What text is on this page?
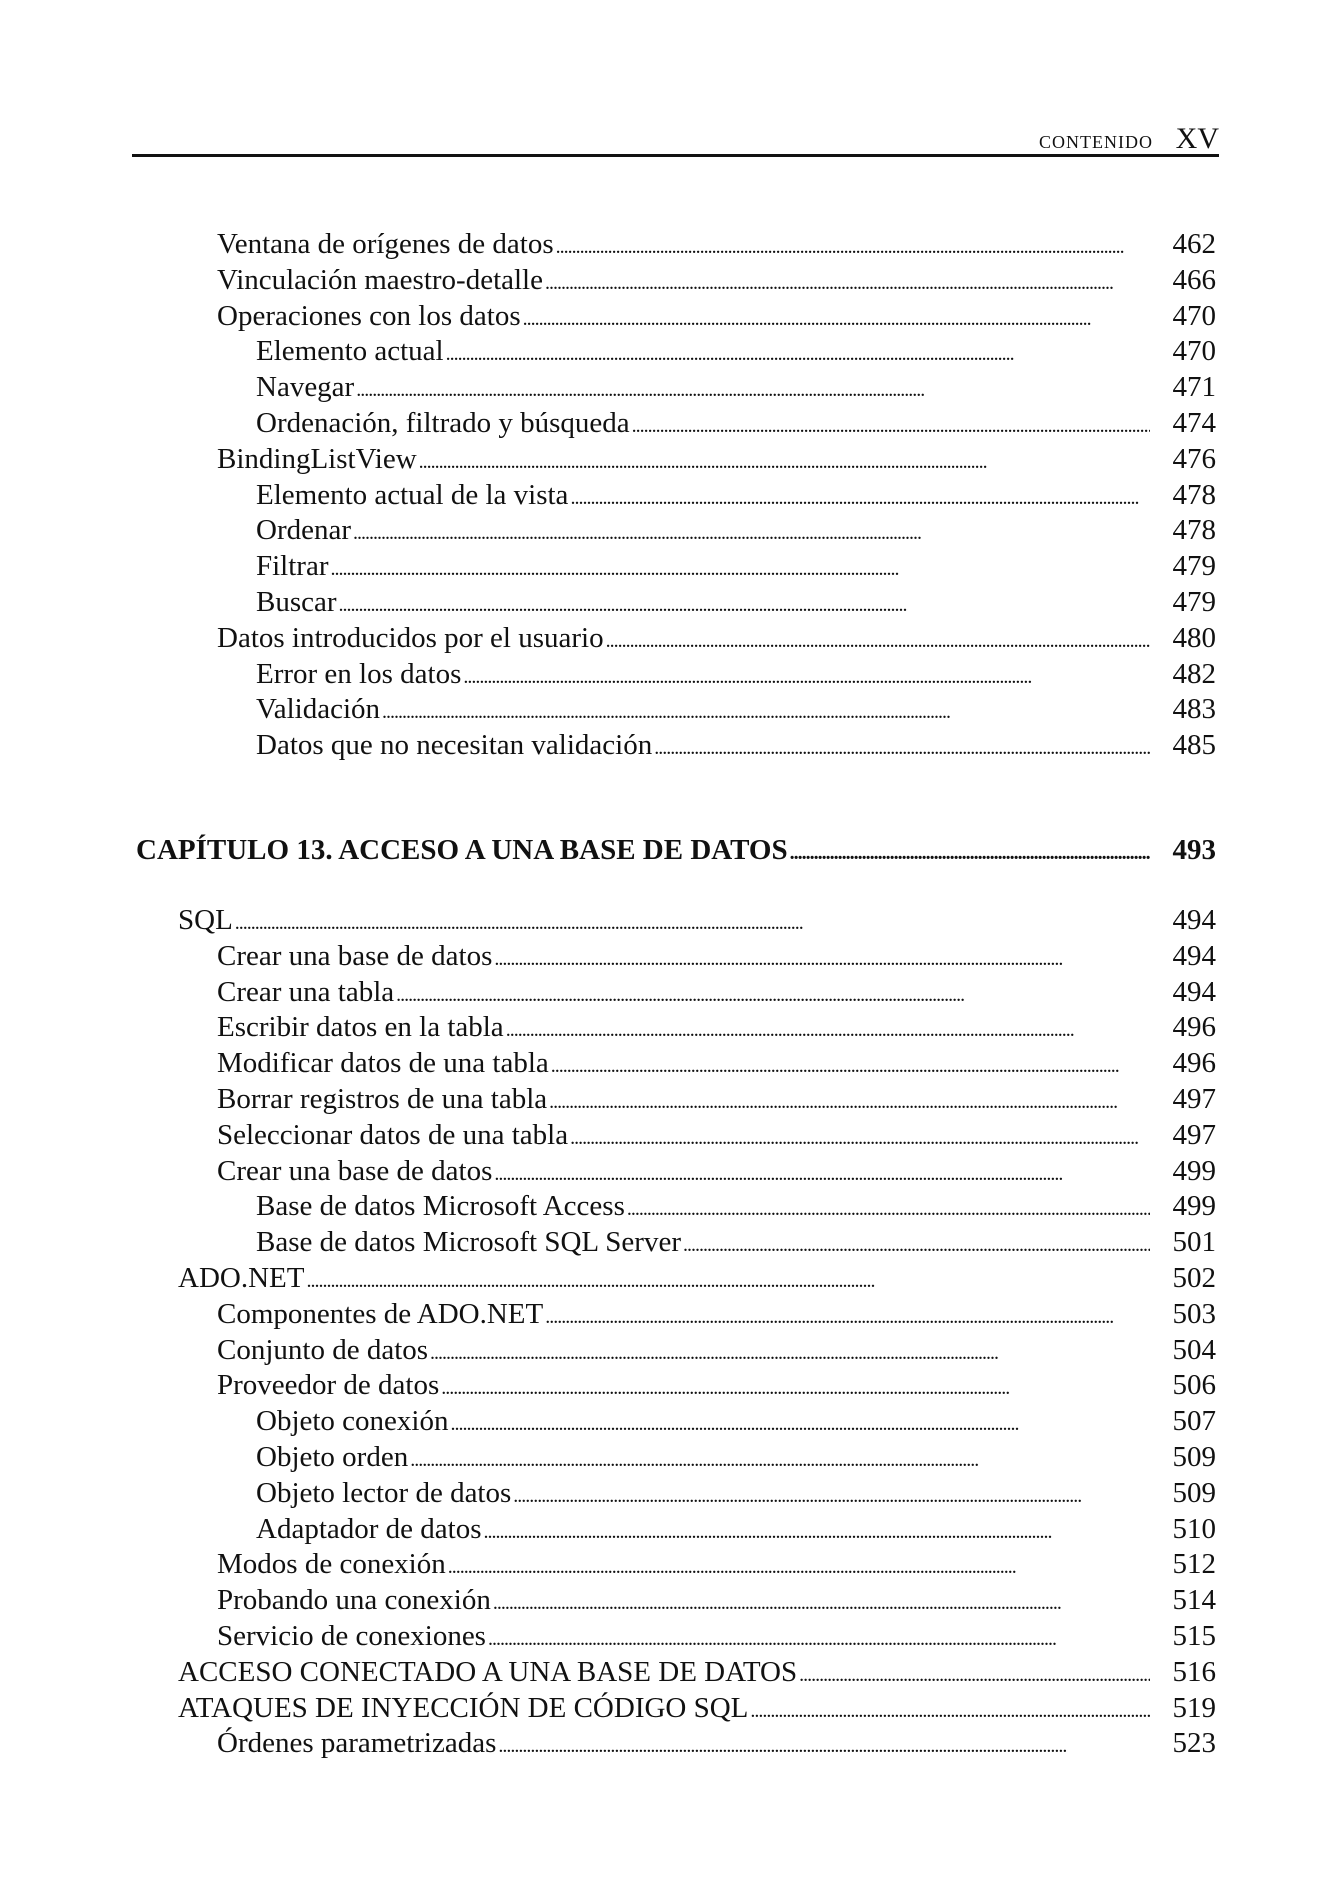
CONTENIDO XV
Ventana de orígenes de datos . . .	462
Vinculación maestro-detalle . . .	466
Operaciones con los datos . . .	470
Elemento actual . . .	470
Navegar . . .	471
Ordenación, filtrado y búsqueda . . .	474
BindingListView . . .	476
Elemento actual de la vista . . .	478
Ordenar . . .	478
Filtrar . . .	479
Buscar . . .	479
Datos introducidos por el usuario . . .	480
Error en los datos . . .	482
Validación . . .	483
Datos que no necesitan validación . . .	485
CAPÍTULO 13. ACCESO A UNA BASE DE DATOS . . .	493
SQL . . .	494
Crear una base de datos . . .	494
Crear una tabla . . .	494
Escribir datos en la tabla . . .	496
Modificar datos de una tabla . . .	496
Borrar registros de una tabla . . .	497
Seleccionar datos de una tabla . . .	497
Crear una base de datos . . .	499
Base de datos Microsoft Access . . .	499
Base de datos Microsoft SQL Server . . .	501
ADO.NET . . .	502
Componentes de ADO.NET . . .	503
Conjunto de datos . . .	504
Proveedor de datos . . .	506
Objeto conexión . . .	507
Objeto orden . . .	509
Objeto lector de datos . . .	509
Adaptador de datos . . .	510
Modos de conexión . . .	512
Probando una conexión . . .	514
Servicio de conexiones . . .	515
ACCESO CONECTADO A UNA BASE DE DATOS . . .	516
ATAQUES DE INYECCIÓN DE CÓDIGO SQL . . .	519
Órdenes parametrizadas . . .	523
